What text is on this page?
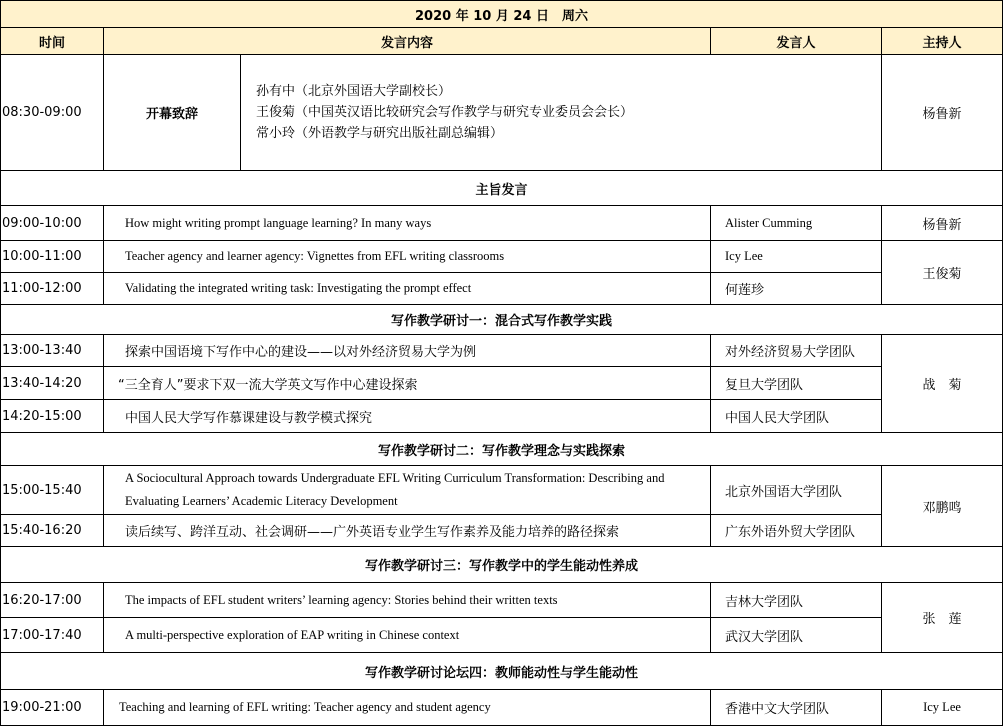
2020 年 10 月 24 日　周六				
时间	发言内容		发言人	主持人
08:30-09:00	开幕致辞	孙有中（北京外国语大学副校长）
王俊菊（中国英汉语比较研究会写作教学与研究专业委员会会长）
常小玲（外语教学与研究出版社副总编辑）		杨鲁新
主旨发言				
09:00-10:00	How might writing prompt language learning? In many ways		Alister Cumming	杨鲁新
10:00-11:00	Teacher agency and learner agency: Vignettes from EFL writing classrooms		Icy Lee	王俊菊
11:00-12:00	Validating the integrated writing task: Investigating the prompt effect		何莲珍	
写作教学研讨一：混合式写作教学实践				
13:00-13:40	探索中国语境下写作中心的建设——以对外经济贸易大学为例		对外经济贸易大学团队	战　菊
13:40-14:20	“三全育人”要求下双一流大学英文写作中心建设探索		复旦大学团队	
14:20-15:00	中国人民大学写作慕课建设与教学模式探究		中国人民大学团队	
写作教学研讨二：写作教学理念与实践探索				
15:00-15:40	A Sociocultural Approach towards Undergraduate EFL Writing Curriculum Transformation: Describing and
Evaluating Learners’ Academic Literacy Development		北京外国语大学团队	邓鹏鸣
15:40-16:20	读后续写、跨洋互动、社会调研——广外英语专业学生写作素养及能力培养的路径探索		广东外语外贸大学团队	
写作教学研讨三：写作教学中的学生能动性养成				
16:20-17:00	The impacts of EFL student writers’ learning agency: Stories behind their written texts		吉林大学团队	张　莲
17:00-17:40	A multi-perspective exploration of EAP writing in Chinese context		武汉大学团队	
写作教学研讨论坛四：教师能动性与学生能动性				
19:00-21:00	Teaching and learning of EFL writing: Teacher agency and student agency		香港中文大学团队	Icy Lee
